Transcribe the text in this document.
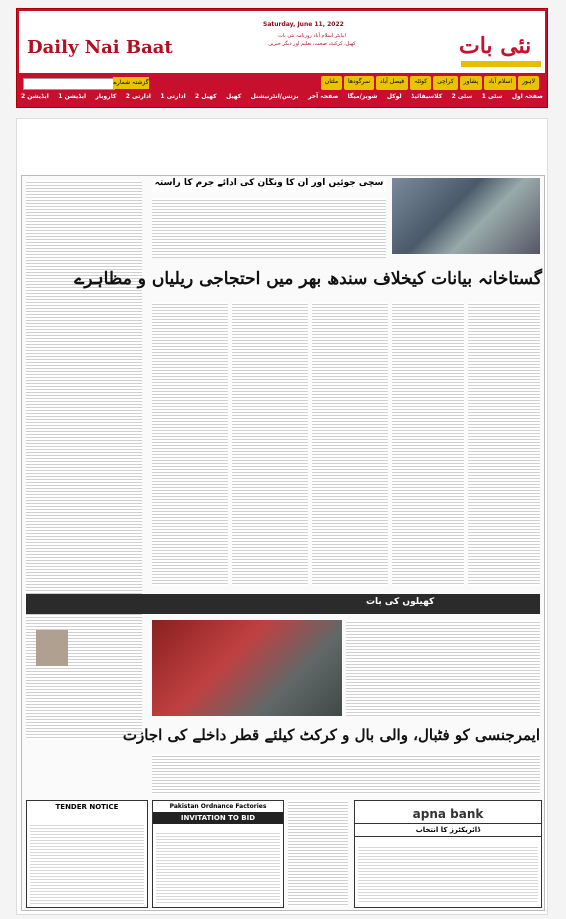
Daily Nai Baat
Saturday, June 11, 2022
ایڈیٹر اسلام آباد روزنامہ نئی بات
کھیل، کرکٹ، صحت، تعلیم اور دیگر خبریں	نئی بات
گزشتہ شمارے	لاہور
اسلام آباد
پشاور
کراچی
کوئٹہ
فیصل آباد
سرگودھا
ملتان
صفحہ اول
سٹی 1
سٹی 2
کلاسیفائیڈ
لوکل
شوبز/میگا
صفحہ آخر
بزنس/انٹرنیشنل
کھیل
کھیل 2
ادارتی 1
ادارتی 2
کاروبار
ایڈیشن 1
ایڈیشن 2
سچی جوئیں اور ان کا ونگان کی آدائے جرم کا راستہ
گستاخانہ بیانات کیخلاف سندھ بھر میں احتجاجی ریلیاں و مظاہرے
کھیلوں کی بات
ایمرجنسی کو فٹبال، والی بال و کرکٹ کیلئے قطر داخلے کی اجازت
TENDER NOTICE	Pakistan Ordnance Factories
INVITATION TO BID	apna bank
ڈائریکٹرز کا انتخاب
